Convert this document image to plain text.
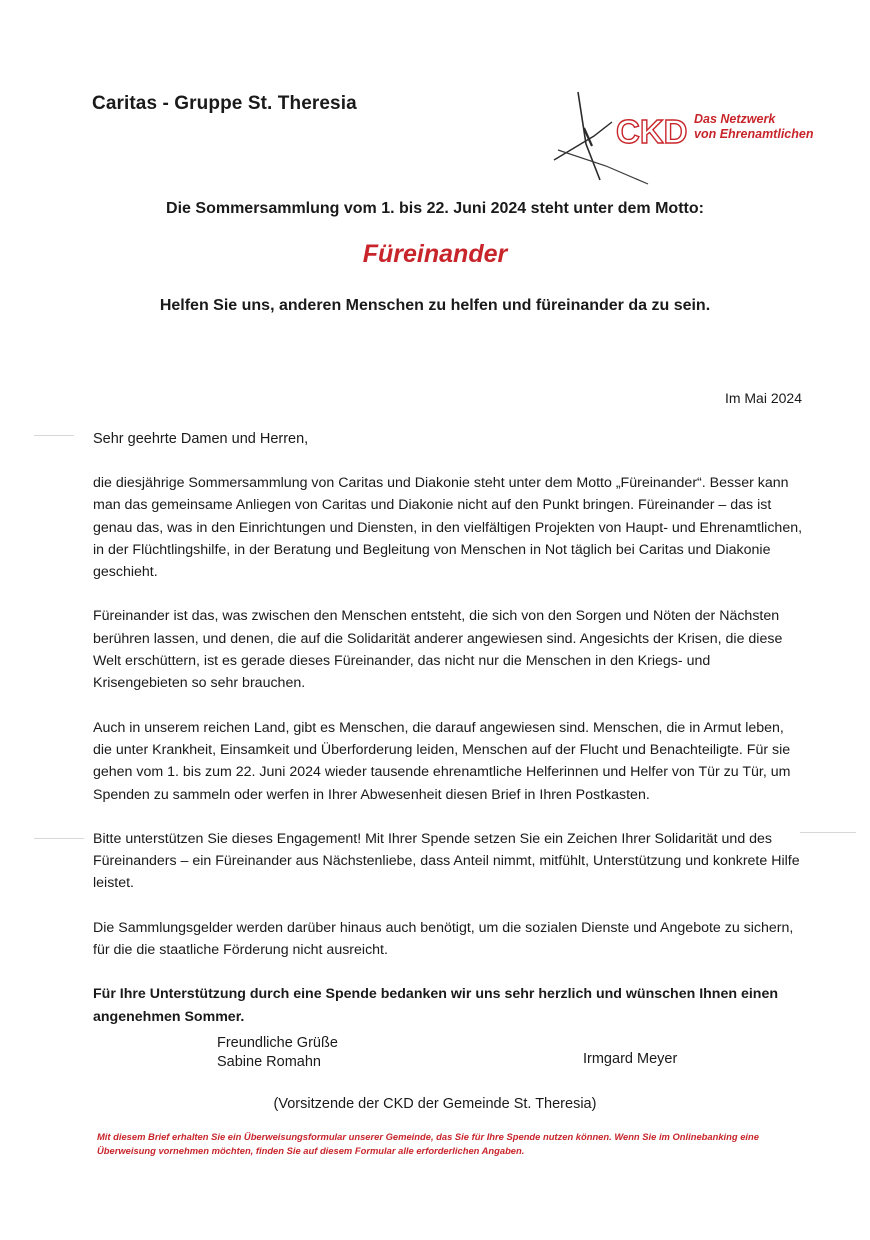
Caritas - Gruppe St. Theresia
CKD Das Netzwerk
von Ehrenamtlichen
Die Sommersammlung vom 1. bis 22. Juni 2024 steht unter dem Motto:
Füreinander
Helfen Sie uns, anderen Menschen zu helfen und füreinander da zu sein.
Im Mai 2024
Sehr geehrte Damen und Herren,

die diesjährige Sommersammlung von Caritas und Diakonie steht unter dem Motto „Füreinander“. Besser kann man das gemeinsame Anliegen von Caritas und Diakonie nicht auf den Punkt bringen. Füreinander – das ist genau das, was in den Einrichtungen und Diensten, in den vielfältigen Projekten von Haupt- und Ehrenamtlichen, in der Flüchtlingshilfe, in der Beratung und Begleitung von Menschen in Not täglich bei Caritas und Diakonie geschieht.

Füreinander ist das, was zwischen den Menschen entsteht, die sich von den Sorgen und Nöten der Nächsten berühren lassen, und denen, die auf die Solidarität anderer angewiesen sind. Angesichts der Krisen, die diese Welt erschüttern, ist es gerade dieses Füreinander, das nicht nur die Menschen in den Kriegs- und Krisengebieten so sehr brauchen.

Auch in unserem reichen Land, gibt es Menschen, die darauf angewiesen sind. Menschen, die in Armut leben, die unter Krankheit, Einsamkeit und Überforderung leiden, Menschen auf der Flucht und Benachteiligte. Für sie gehen vom 1. bis zum 22. Juni 2024 wieder tausende ehrenamtliche Helferinnen und Helfer von Tür zu Tür, um Spenden zu sammeln oder werfen in Ihrer Abwesenheit diesen Brief in Ihren Postkasten.

Bitte unterstützen Sie dieses Engagement! Mit Ihrer Spende setzen Sie ein Zeichen Ihrer Solidarität und des Füreinanders – ein Füreinander aus Nächstenliebe, dass Anteil nimmt, mitfühlt, Unterstützung und konkrete Hilfe leistet.

Die Sammlungsgelder werden darüber hinaus auch benötigt, um die sozialen Dienste und Angebote zu sichern, für die die staatliche Förderung nicht ausreicht.

Für Ihre Unterstützung durch eine Spende bedanken wir uns sehr herzlich und wünschen Ihnen einen angenehmen Sommer.

Freundliche Grüße
Sabine Romahn	Irmgard Meyer
(Vorsitzende der CKD der Gemeinde St. Theresia)
Mit diesem Brief erhalten Sie ein Überweisungsformular unserer Gemeinde, das Sie für Ihre Spende nutzen können. Wenn Sie im Onlinebanking eine Überweisung vornehmen möchten, finden Sie auf diesem Formular alle erforderlichen Angaben.
